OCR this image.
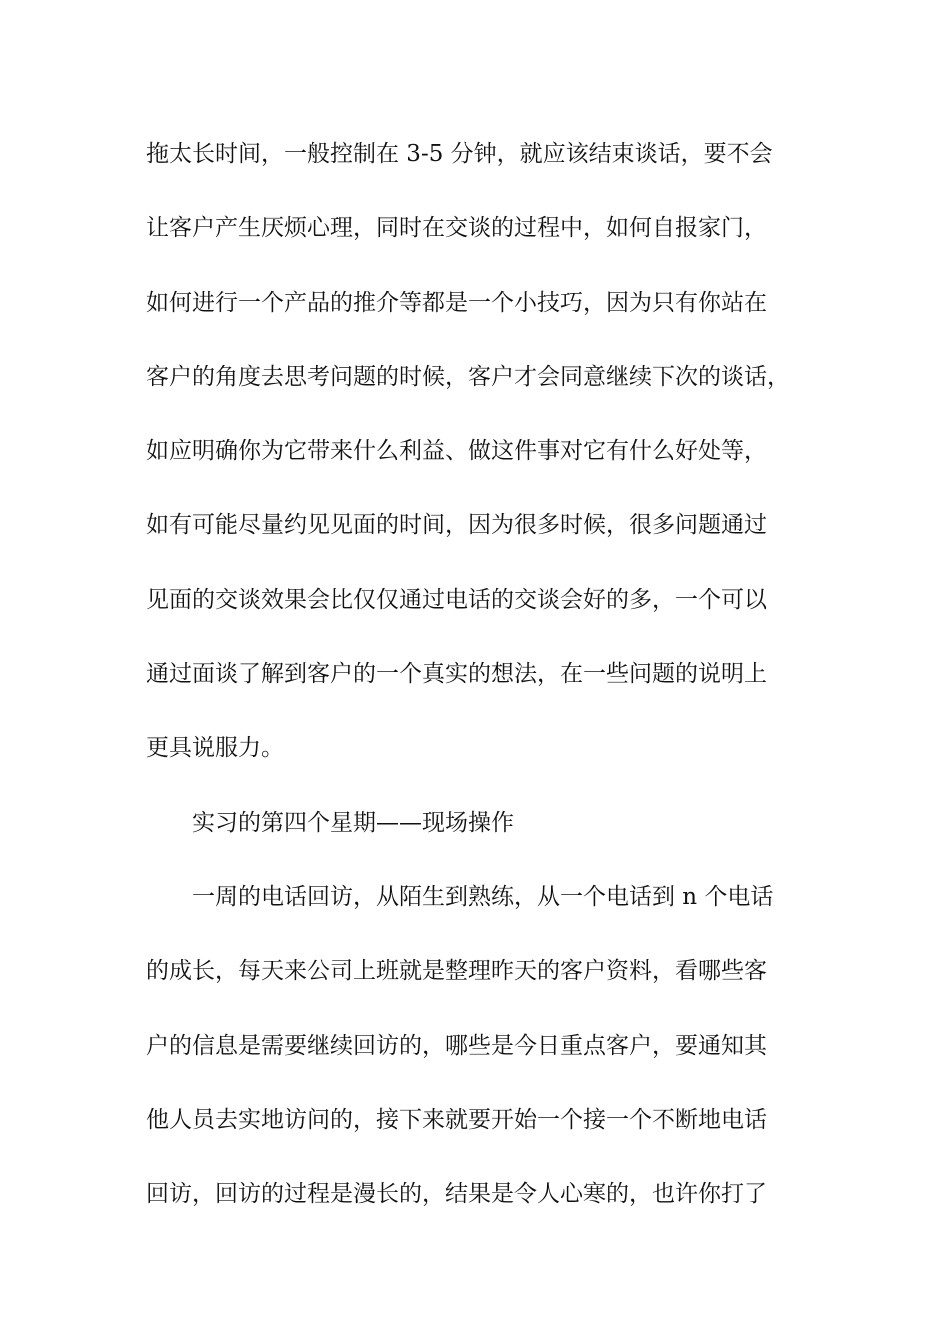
拖太长时间，一般控制在 3-5 分钟，就应该结束谈话，要不会
让客户产生厌烦心理，同时在交谈的过程中，如何自报家门，
如何进行一个产品的推介等都是一个小技巧，因为只有你站在
客户的角度去思考问题的时候，客户才会同意继续下次的谈话，
如应明确你为它带来什么利益、做这件事对它有什么好处等，
如有可能尽量约见见面的时间，因为很多时候，很多问题通过
见面的交谈效果会比仅仅通过电话的交谈会好的多，一个可以
通过面谈了解到客户的一个真实的想法，在一些问题的说明上
更具说服力。
实习的第四个星期——现场操作
一周的电话回访，从陌生到熟练，从一个电话到 n 个电话
的成长，每天来公司上班就是整理昨天的客户资料，看哪些客
户的信息是需要继续回访的，哪些是今日重点客户，要通知其
他人员去实地访问的，接下来就要开始一个接一个不断地电话
回访，回访的过程是漫长的，结果是令人心寒的，也许你打了
